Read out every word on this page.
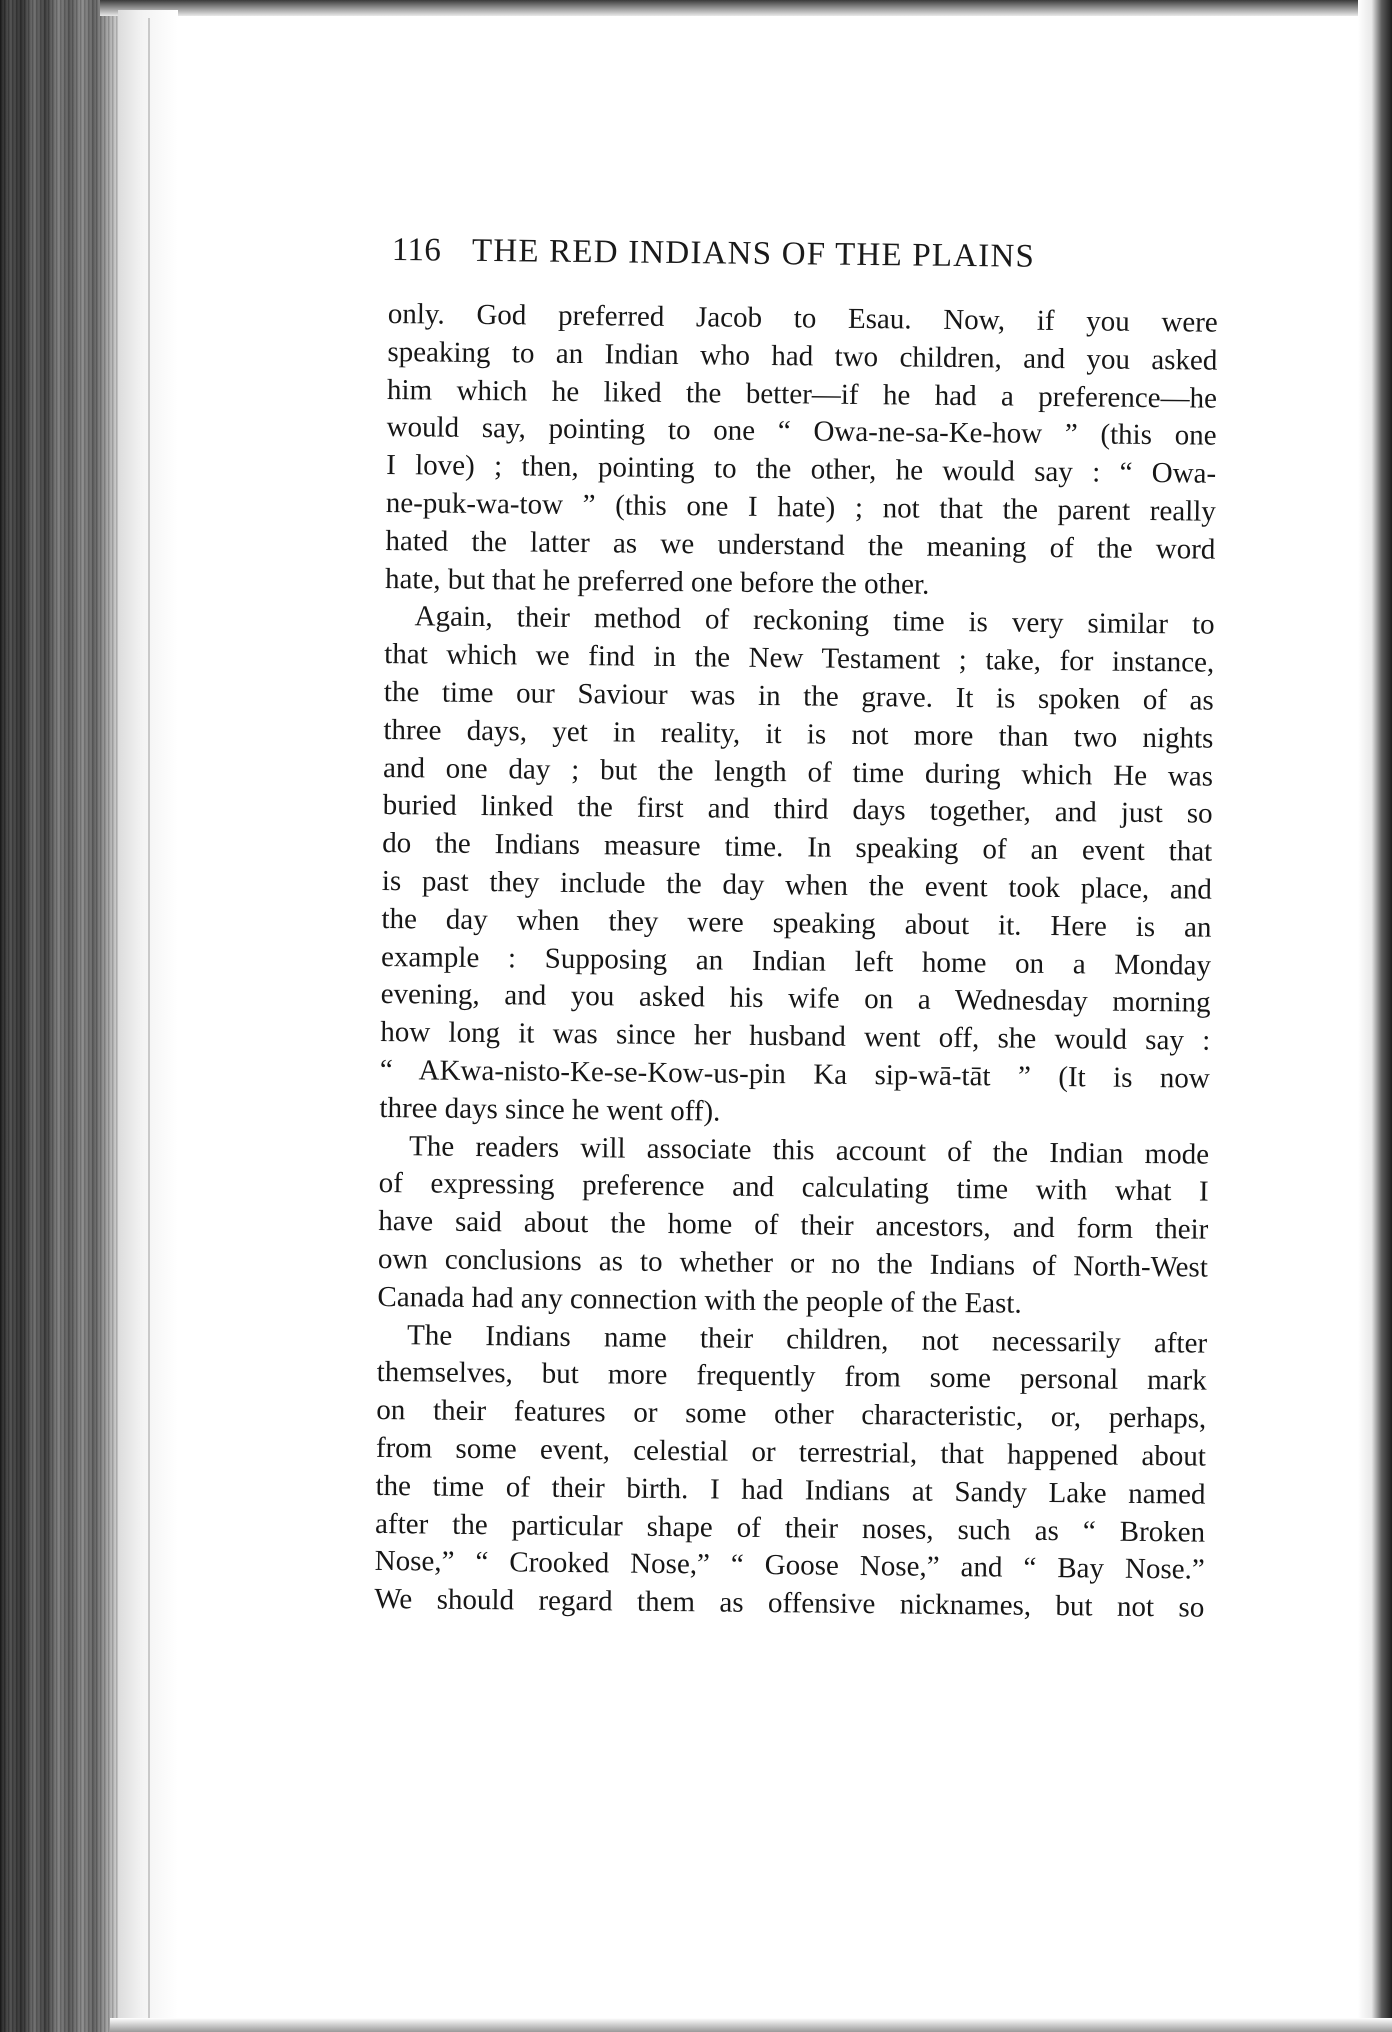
116 THE RED INDIANS OF THE PLAINS

only. God preferred Jacob to Esau. Now, if you were
speaking to an Indian who had two children, and you asked
him which he liked the better—if he had a preference—he
would say, pointing to one “ Owa-ne-sa-Ke-how ” (this one
I love) ; then, pointing to the other, he would say : “ Owa-
ne-puk-wa-tow ” (this one I hate) ; not that the parent really
hated the latter as we understand the meaning of the word
hate, but that he preferred one before the other.

Again, their method of reckoning time is very similar to
that which we find in the New Testament ; take, for instance,
the time our Saviour was in the grave. It is spoken of as
three days, yet in reality, it is not more than two nights
and one day ; but the length of time during which He was
buried linked the first and third days together, and just so
do the Indians measure time. In speaking of an event that
is past they include the day when the event took place, and
the day when they were speaking about it. Here is an
example : Supposing an Indian left home on a Monday
evening, and you asked his wife on a Wednesday morning
how long it was since her husband went off, she would say :
“ AKwa-nisto-Ke-se-Kow-us-pin Ka sip-wā-tāt ” (It is now
three days since he went off).

The readers will associate this account of the Indian mode
of expressing preference and calculating time with what I
have said about the home of their ancestors, and form their
own conclusions as to whether or no the Indians of North-West
Canada had any connection with the people of the East.

The Indians name their children, not necessarily after
themselves, but more frequently from some personal mark
on their features or some other characteristic, or, perhaps,
from some event, celestial or terrestrial, that happened about
the time of their birth. I had Indians at Sandy Lake named
after the particular shape of their noses, such as “ Broken
Nose,” “ Crooked Nose,” “ Goose Nose,” and “ Bay Nose.”
We should regard them as offensive nicknames, but not so
